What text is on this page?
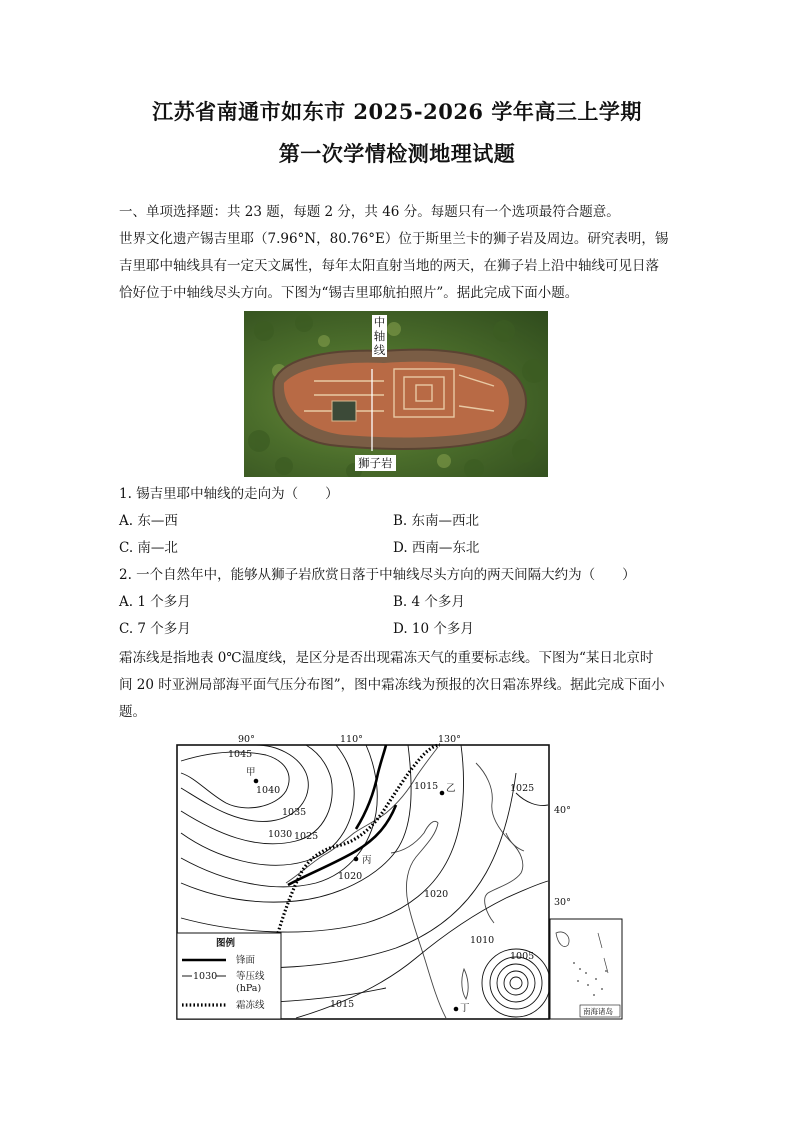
江苏省南通市如东市 2025-2026 学年高三上学期
第一次学情检测地理试题
一、单项选择题：共 23 题，每题 2 分，共 46 分。每题只有一个选项最符合题意。
世界文化遗产锡吉里耶（7.96°N，80.76°E）位于斯里兰卡的狮子岩及周边。研究表明，锡
吉里耶中轴线具有一定天文属性，每年太阳直射当地的两天，在狮子岩上沿中轴线可见日落
恰好位于中轴线尽头方向。下图为“锡吉里耶航拍照片”。据此完成下面小题。
中
轴
线
狮子岩
1. 锡吉里耶中轴线的走向为（　　）
A. 东—西	B. 东南—西北
C. 南—北	D. 西南—东北
2. 一个自然年中，能够从狮子岩欣赏日落于中轴线尽头方向的两天间隔大约为（　　）
A. 1 个多月	B. 4 个多月
C. 7 个多月	D. 10 个多月
霜冻线是指地表 0℃温度线，是区分是否出现霜冻天气的重要标志线。下图为“某日北京时
间 20 时亚洲局部海平面气压分布图”，图中霜冻线为预报的次日霜冻界线。据此完成下面小
题。
90°	110°	130°
40°
30°
1045
1040
1035
1030 1025
1020
1020
1015
1010
1005
1015
1025
甲
乙
丙
丁
图例
锋面
1030 等压线
(hPa)
霜冻线
南海诸岛
